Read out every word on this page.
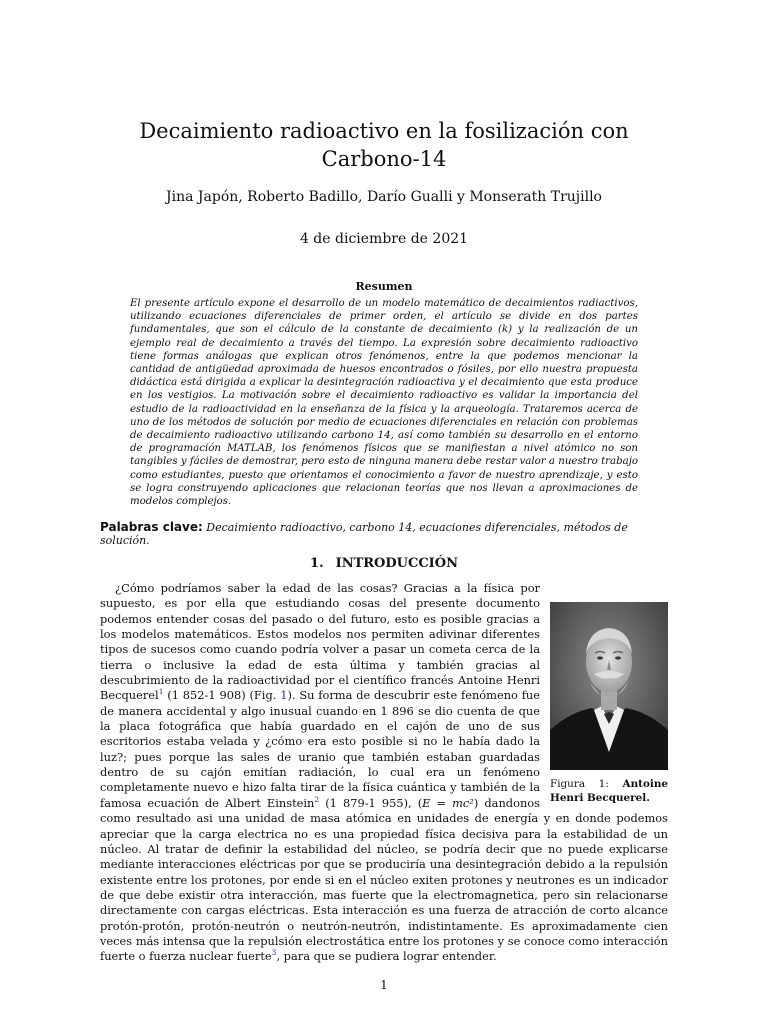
Decaimiento radioactivo en la fosilización con Carbono-14

Jina Japón, Roberto Badillo, Darío Gualli y Monserath Trujillo

4 de diciembre de 2021

Resumen

El presente artículo expone el desarrollo de un modelo matemático de decaimientos radiactivos, utilizando ecuaciones diferenciales de primer orden, el artículo se divide en dos partes fundamentales, que son el cálculo de la constante de decaimiento (k) y la realización de un ejemplo real de decaimiento a través del tiempo. La expresión sobre decaimiento radioactivo tiene formas análogas que explican otros fenómenos, entre la que podemos mencionar la cantidad de antigüedad aproximada de huesos encontrados o fósiles, por ello nuestra propuesta didáctica está dirigida a explicar la desintegración radioactiva y el decaimiento que esta produce en los vestigios. La motivación sobre el decaimiento radioactivo es validar la importancia del estudio de la radioactividad en la enseñanza de la física y la arqueología. Trataremos acerca de uno de los métodos de solución por medio de ecuaciones diferenciales en relación con problemas de decaimiento radioactivo utilizando carbono 14, así como también su desarrollo en el entorno de programación MATLAB, los fenómenos físicos que se manifiestan a nivel atómico no son tangibles y fáciles de demostrar, pero esto de ninguna manera debe restar valor a nuestro trabajo como estudiantes, puesto que orientamos el conocimiento a favor de nuestro aprendizaje, y esto se logra construyendo aplicaciones que relacionan teorías que nos llevan a aproximaciones de modelos complejos.

Palabras clave: Decaimiento radioactivo, carbono 14, ecuaciones diferenciales, métodos de solución.

1. INTRODUCCIÓN
Figura 1: Antoine Henri Becquerel.
¿Cómo podríamos saber la edad de las cosas? Gracias a la física por supuesto, es por ella que estudiando cosas del presente documento podemos entender cosas del pasado o del futuro, esto es posible gracias a los modelos matemáticos. Estos modelos nos permiten adivinar diferentes tipos de sucesos como cuando podría volver a pasar un cometa cerca de la tierra o inclusive la edad de esta última y también gracias al descubrimiento de la radioactividad por el científico francés Antoine Henri Becquerel$^1$ (1 852-1 908) (Fig. 1). Su forma de descubrir este fenómeno fue de manera accidental y algo inusual cuando en 1 896 se dio cuenta de que la placa fotográfica que había guardado en el cajón de uno de sus escritorios estaba velada y ¿cómo era esto posible si no le había dado la luz?; pues porque las sales de uranio que también estaban guardadas dentro de su cajón emitían radiación, lo cual era un fenómeno completamente nuevo e hizo falta tirar de la física cuántica y también de la famosa ecuación de Albert Einstein$^2$ (1 879-1 955), (E = mc²) dandonos como resultado asi una unidad de masa atómica en unidades de energía y en donde podemos apreciar que la carga electrica no es una propiedad física decisiva para la estabilidad de un núcleo. Al tratar de definir la estabilidad del núcleo, se podría decir que no puede explicarse mediante interacciones eléctricas por que se produciría una desintegración debido a la repulsión existente entre los protones, por ende si en el núcleo exiten protones y neutrones es un indicador de que debe existir otra interacción, mas fuerte que la electromagnetica, pero sin relacionarse directamente con cargas eléctricas. Esta interacción es una fuerza de atracción de corto alcance protón-protón, protón-neutrón o neutrón-neutrón, indistintamente. Es aproximadamente cien veces más intensa que la repulsión electrostática entre los protones y se conoce como interacción fuerte o fuerza nuclear fuerte$^3$, para que se pudiera lograr entender.

1
